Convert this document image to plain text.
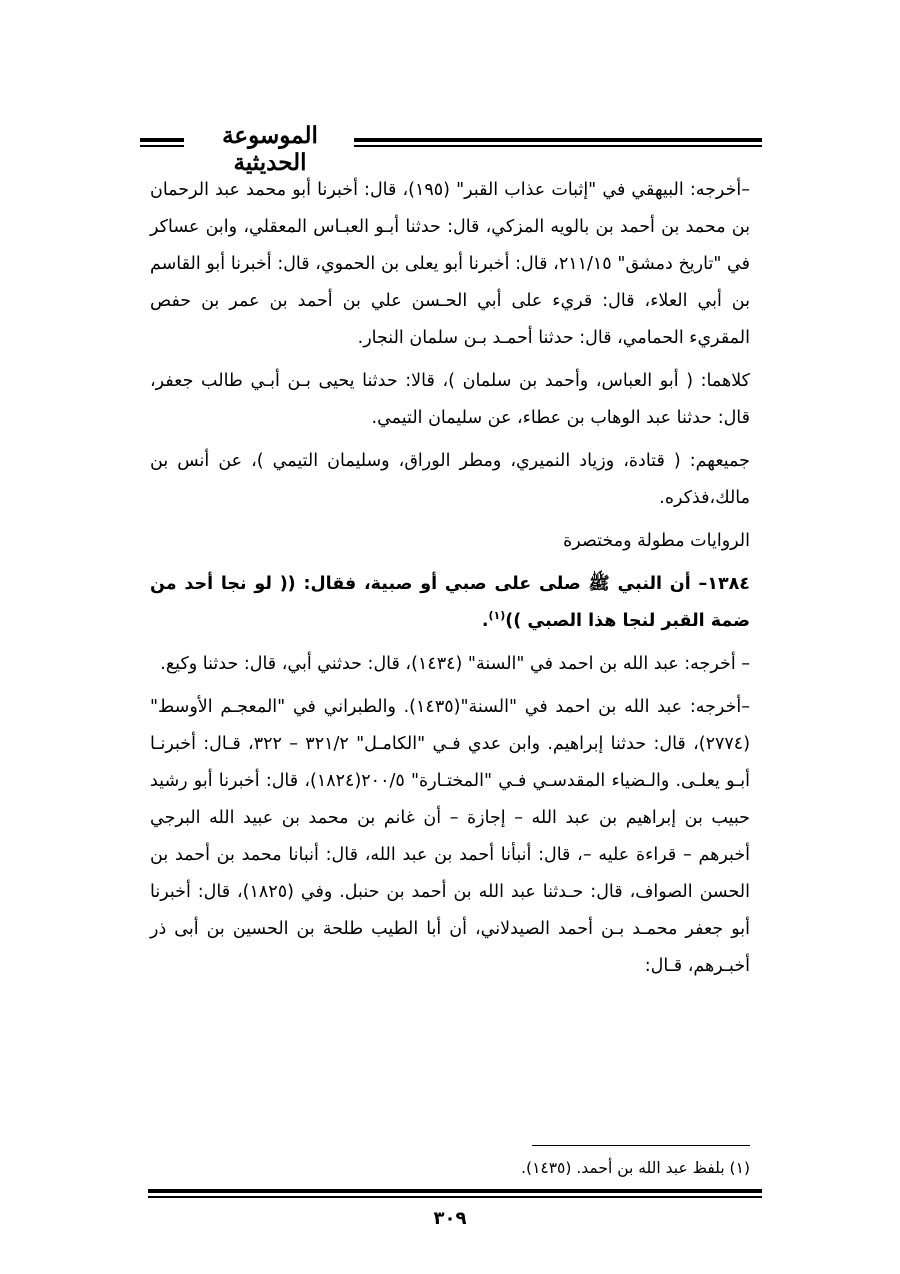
الموسوعة الحديثية

–أخرجه: البيهقي في "إثبات عذاب القبر" (١٩٥)، قال: أخبرنا أبو محمد عبد الرحمان بن محمد بن أحمد بن بالويه المزكي، قال: حدثنا أبـو العبـاس المعقلي، وابن عساكر في "تاريخ دمشق" ٢١١/١٥، قال: أخبرنا أبو يعلى بن الحموي، قال: أخبرنا أبو القاسم بن أبي العلاء، قال: قريء على أبي الحـسن علي بن أحمد بن عمر بن حفص المقريء الحمامي، قال: حدثنا أحمـد بـن سلمان النجار.

كلاهما: ( أبو العباس، وأحمد بن سلمان )، قالا: حدثنا يحيى بـن أبـي طالب جعفر، قال: حدثنا عبد الوهاب بن عطاء، عن سليمان التيمي.

جميعهم: ( قتادة، وزياد النميري، ومطر الوراق، وسليمان التيمي )، عن أنس بن مالك،فذكره.

الروايات مطولة ومختصرة

١٣٨٤– أن النبي ﷺ صلى على صبي أو صبية، فقال: (( لو نجا أحد من ضمة القبر لنجا هذا الصبي ))$^{(١)}$.

– أخرجه: عبد الله بن احمد في "السنة" (١٤٣٤)، قال: حدثني أبي، قال: حدثنا وكيع.

–أخرجه: عبد الله بن احمد في "السنة"(١٤٣٥). والطبراني في "المعجـم الأوسط"(٢٧٧٤)، قال: حدثنا إبراهيم. وابن عدي فـي "الكامـل" ٣٢١/٢ – ٣٢٢، قـال: أخبرنـا أبـو يعلـى. والـضياء المقدسـي فـي "المختـارة" ٢٠٠/٥(١٨٢٤)، قال: أخبرنا أبو رشيد حبيب بن إبراهيم بن عبد الله – إجازة – أن غانم بن محمد بن عبيد الله البرجي أخبرهم – قراءة عليه –، قال: أنبأنا أحمد بن عبد الله، قال: أنبانا محمد بن أحمد بن الحسن الصواف، قال: حـدثنا عبد الله بن أحمد بن حنبل. وفي (١٨٢٥)، قال: أخبرنا أبو جعفر محمـد بـن أحمد الصيدلاني، أن أبا الطيب طلحة بن الحسين بن أبى ذر أخبـرهم، قـال:

(١) بلفظ عبد الله بن أحمد. (١٤٣٥).
٣٠٩
